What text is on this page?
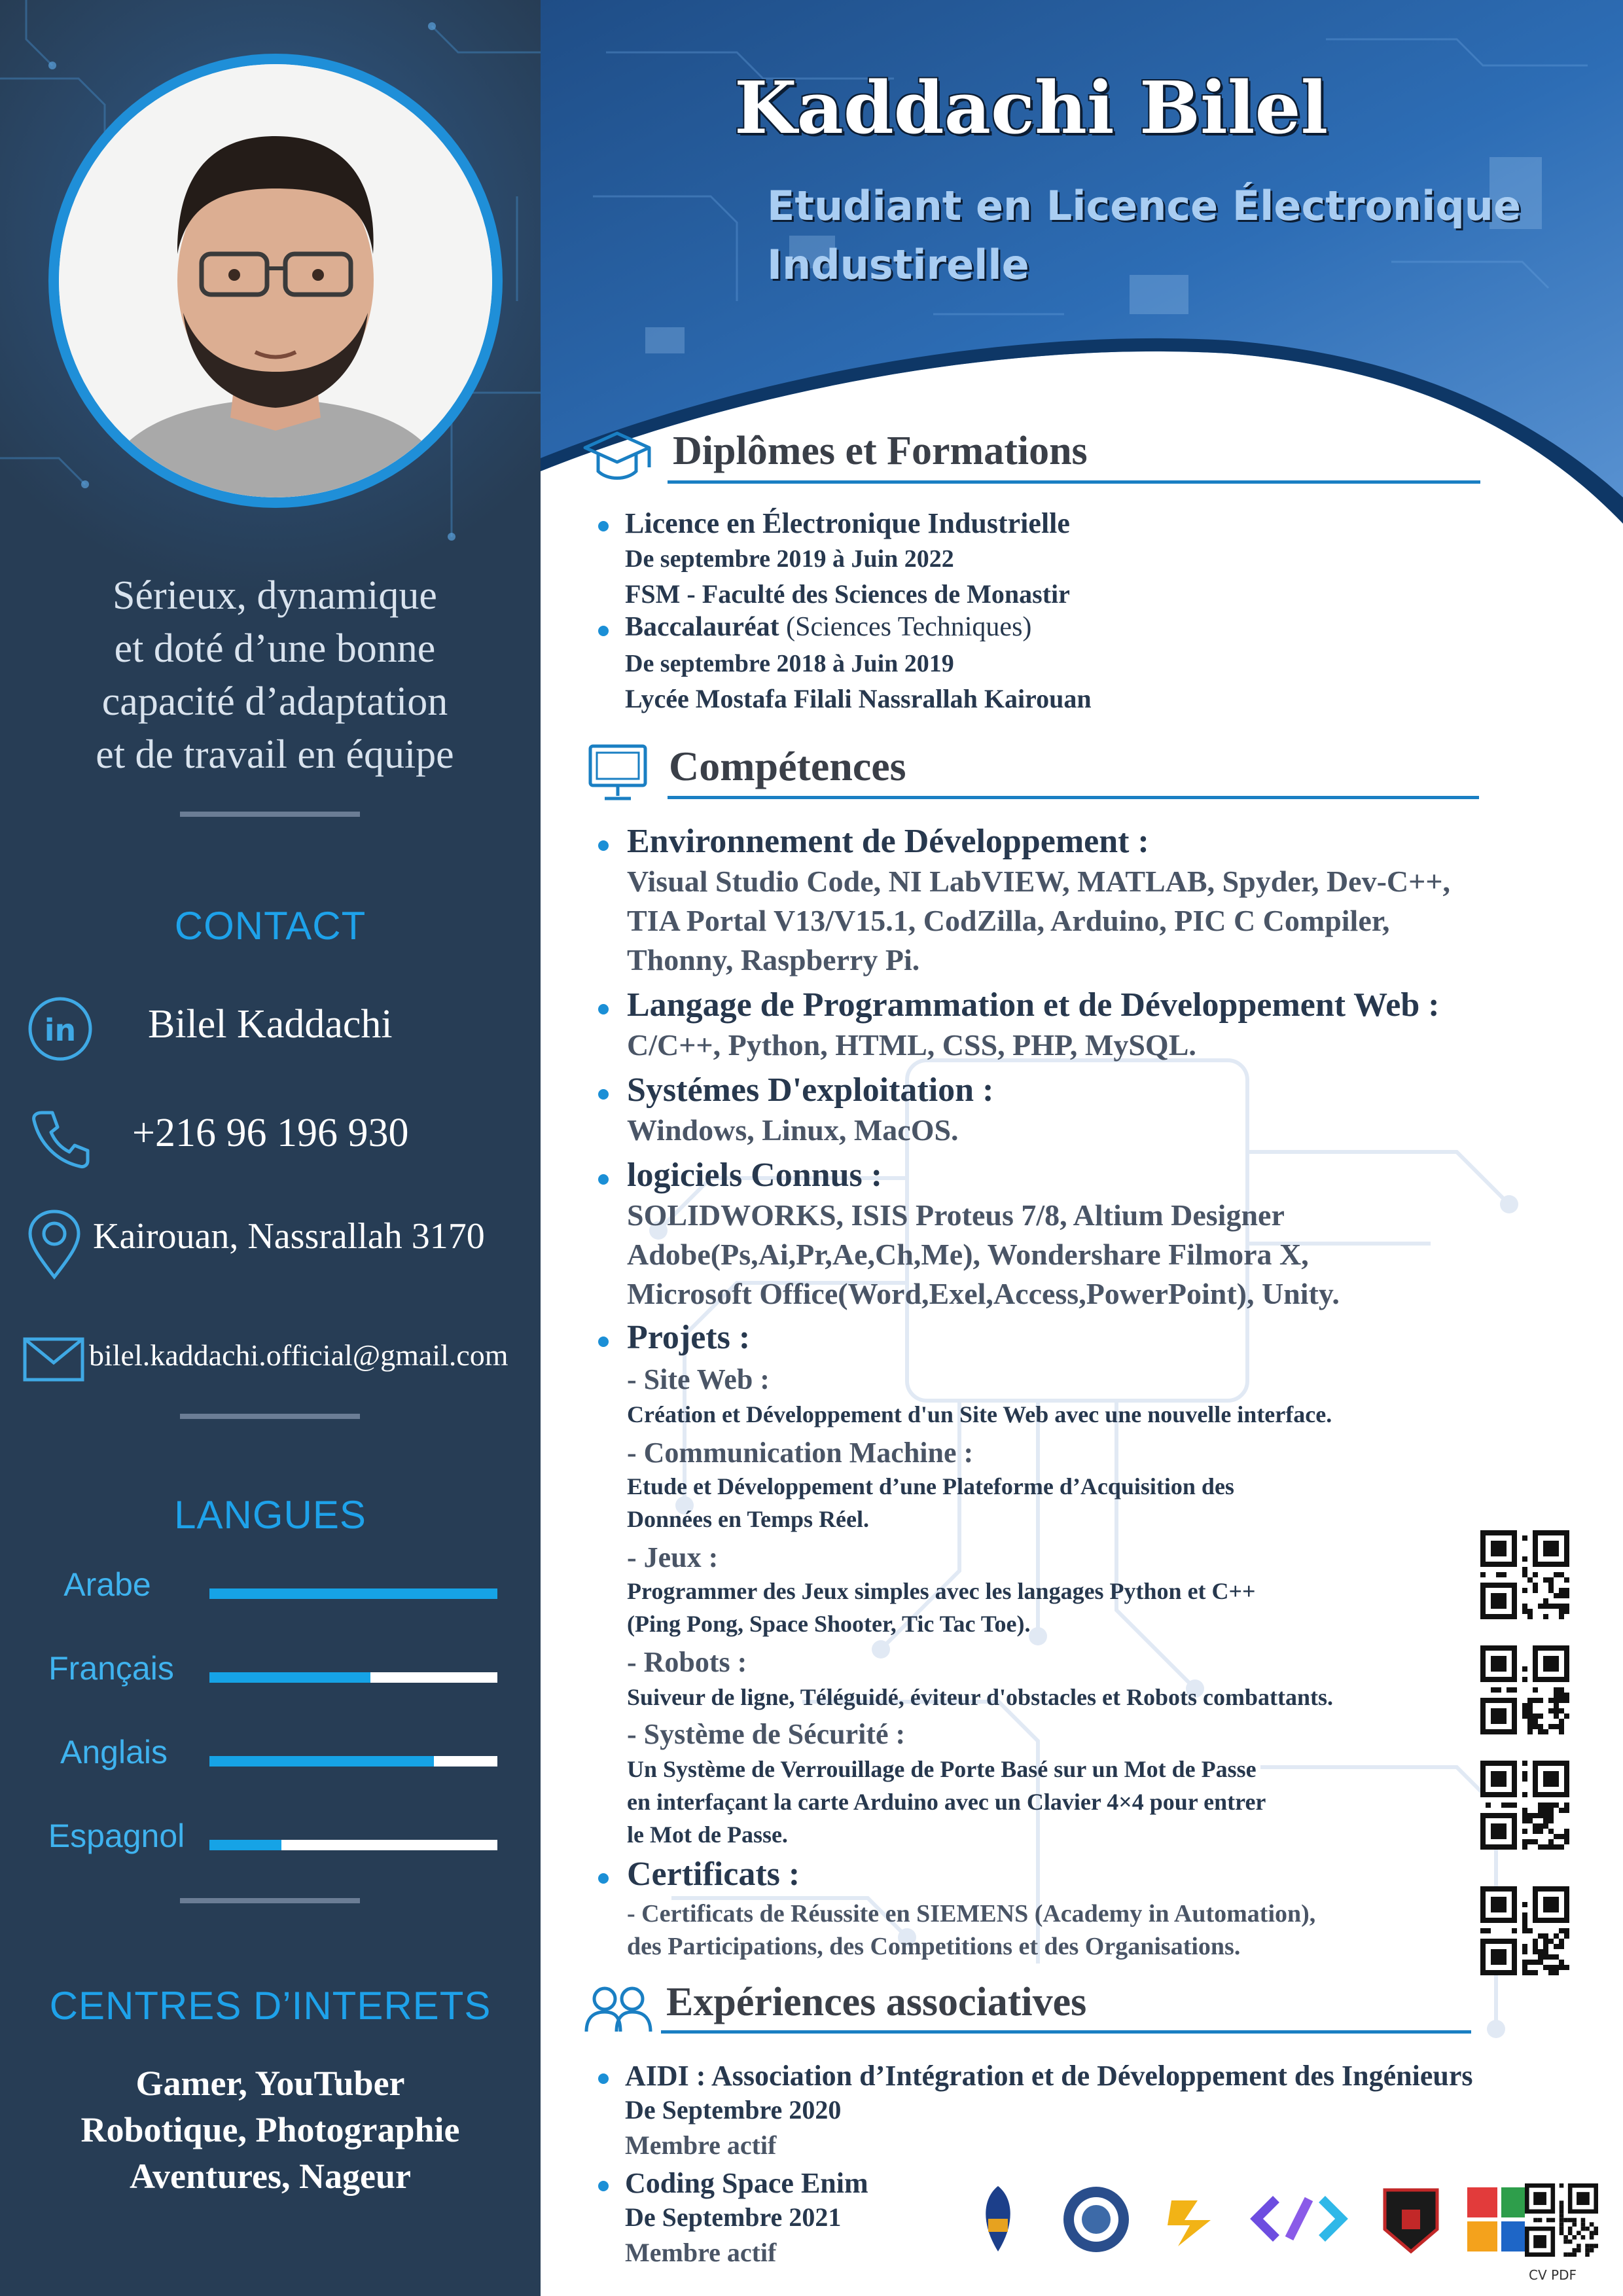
Sérieux, dynamique
et doté d’une bonne
capacité d’adaptation
et de travail en équipe
CONTACT
in Bilel Kaddachi
+216 96 196 930
Kairouan, Nassrallah 3170
bilel.kaddachi.official@gmail.com
LANGUES
Arabe
Français
Anglais
Espagnol
CENTRES D’INTERETS
Gamer, YouTuber
Robotique, Photographie
Aventures, Nageur
Kaddachi Bilel
Etudiant en Licence Électronique
Industirelle
Diplômes et Formations
Licence en Électronique Industrielle
De septembre 2019 à Juin 2022
FSM - Faculté des Sciences de Monastir
Baccalauréat (Sciences Techniques)
De septembre 2018 à Juin 2019
Lycée Mostafa Filali Nassrallah Kairouan
Compétences
Environnement de Développement :
Visual Studio Code, NI LabVIEW, MATLAB, Spyder, Dev-C++,
TIA Portal V13/V15.1, CodZilla, Arduino, PIC C Compiler,
Thonny, Raspberry Pi.
Langage de Programmation et de Développement Web :
C/C++, Python, HTML, CSS, PHP, MySQL.
Systémes D'exploitation :
Windows, Linux, MacOS.
logiciels Connus :
SOLIDWORKS, ISIS Proteus 7/8, Altium Designer
Adobe(Ps,Ai,Pr,Ae,Ch,Me), Wondershare Filmora X,
Microsoft Office(Word,Exel,Access,PowerPoint), Unity.
Projets :
- Site Web :
Création et Développement d'un Site Web avec une nouvelle interface.
- Communication Machine :
Etude et Développement d’une Plateforme d’Acquisition des
Données en Temps Réel.
- Jeux :
Programmer des Jeux simples avec les langages Python et C++
(Ping Pong, Space Shooter, Tic Tac Toe).
- Robots :
Suiveur de ligne, Téléguidé, éviteur d'obstacles et Robots combattants.
- Système de Sécurité :
Un Système de Verrouillage de Porte Basé sur un Mot de Passe
en interfaçant la carte Arduino avec un Clavier 4×4 pour entrer
le Mot de Passe.
Certificats :
- Certificats de Réussite en SIEMENS (Academy in Automation),
des Participations, des Competitions et des Organisations.
Expériences associatives
AIDI : Association d’Intégration et de Développement des Ingénieurs
De Septembre 2020
Membre actif
Coding Space Enim
De Septembre 2021
Membre actif
CV PDF
